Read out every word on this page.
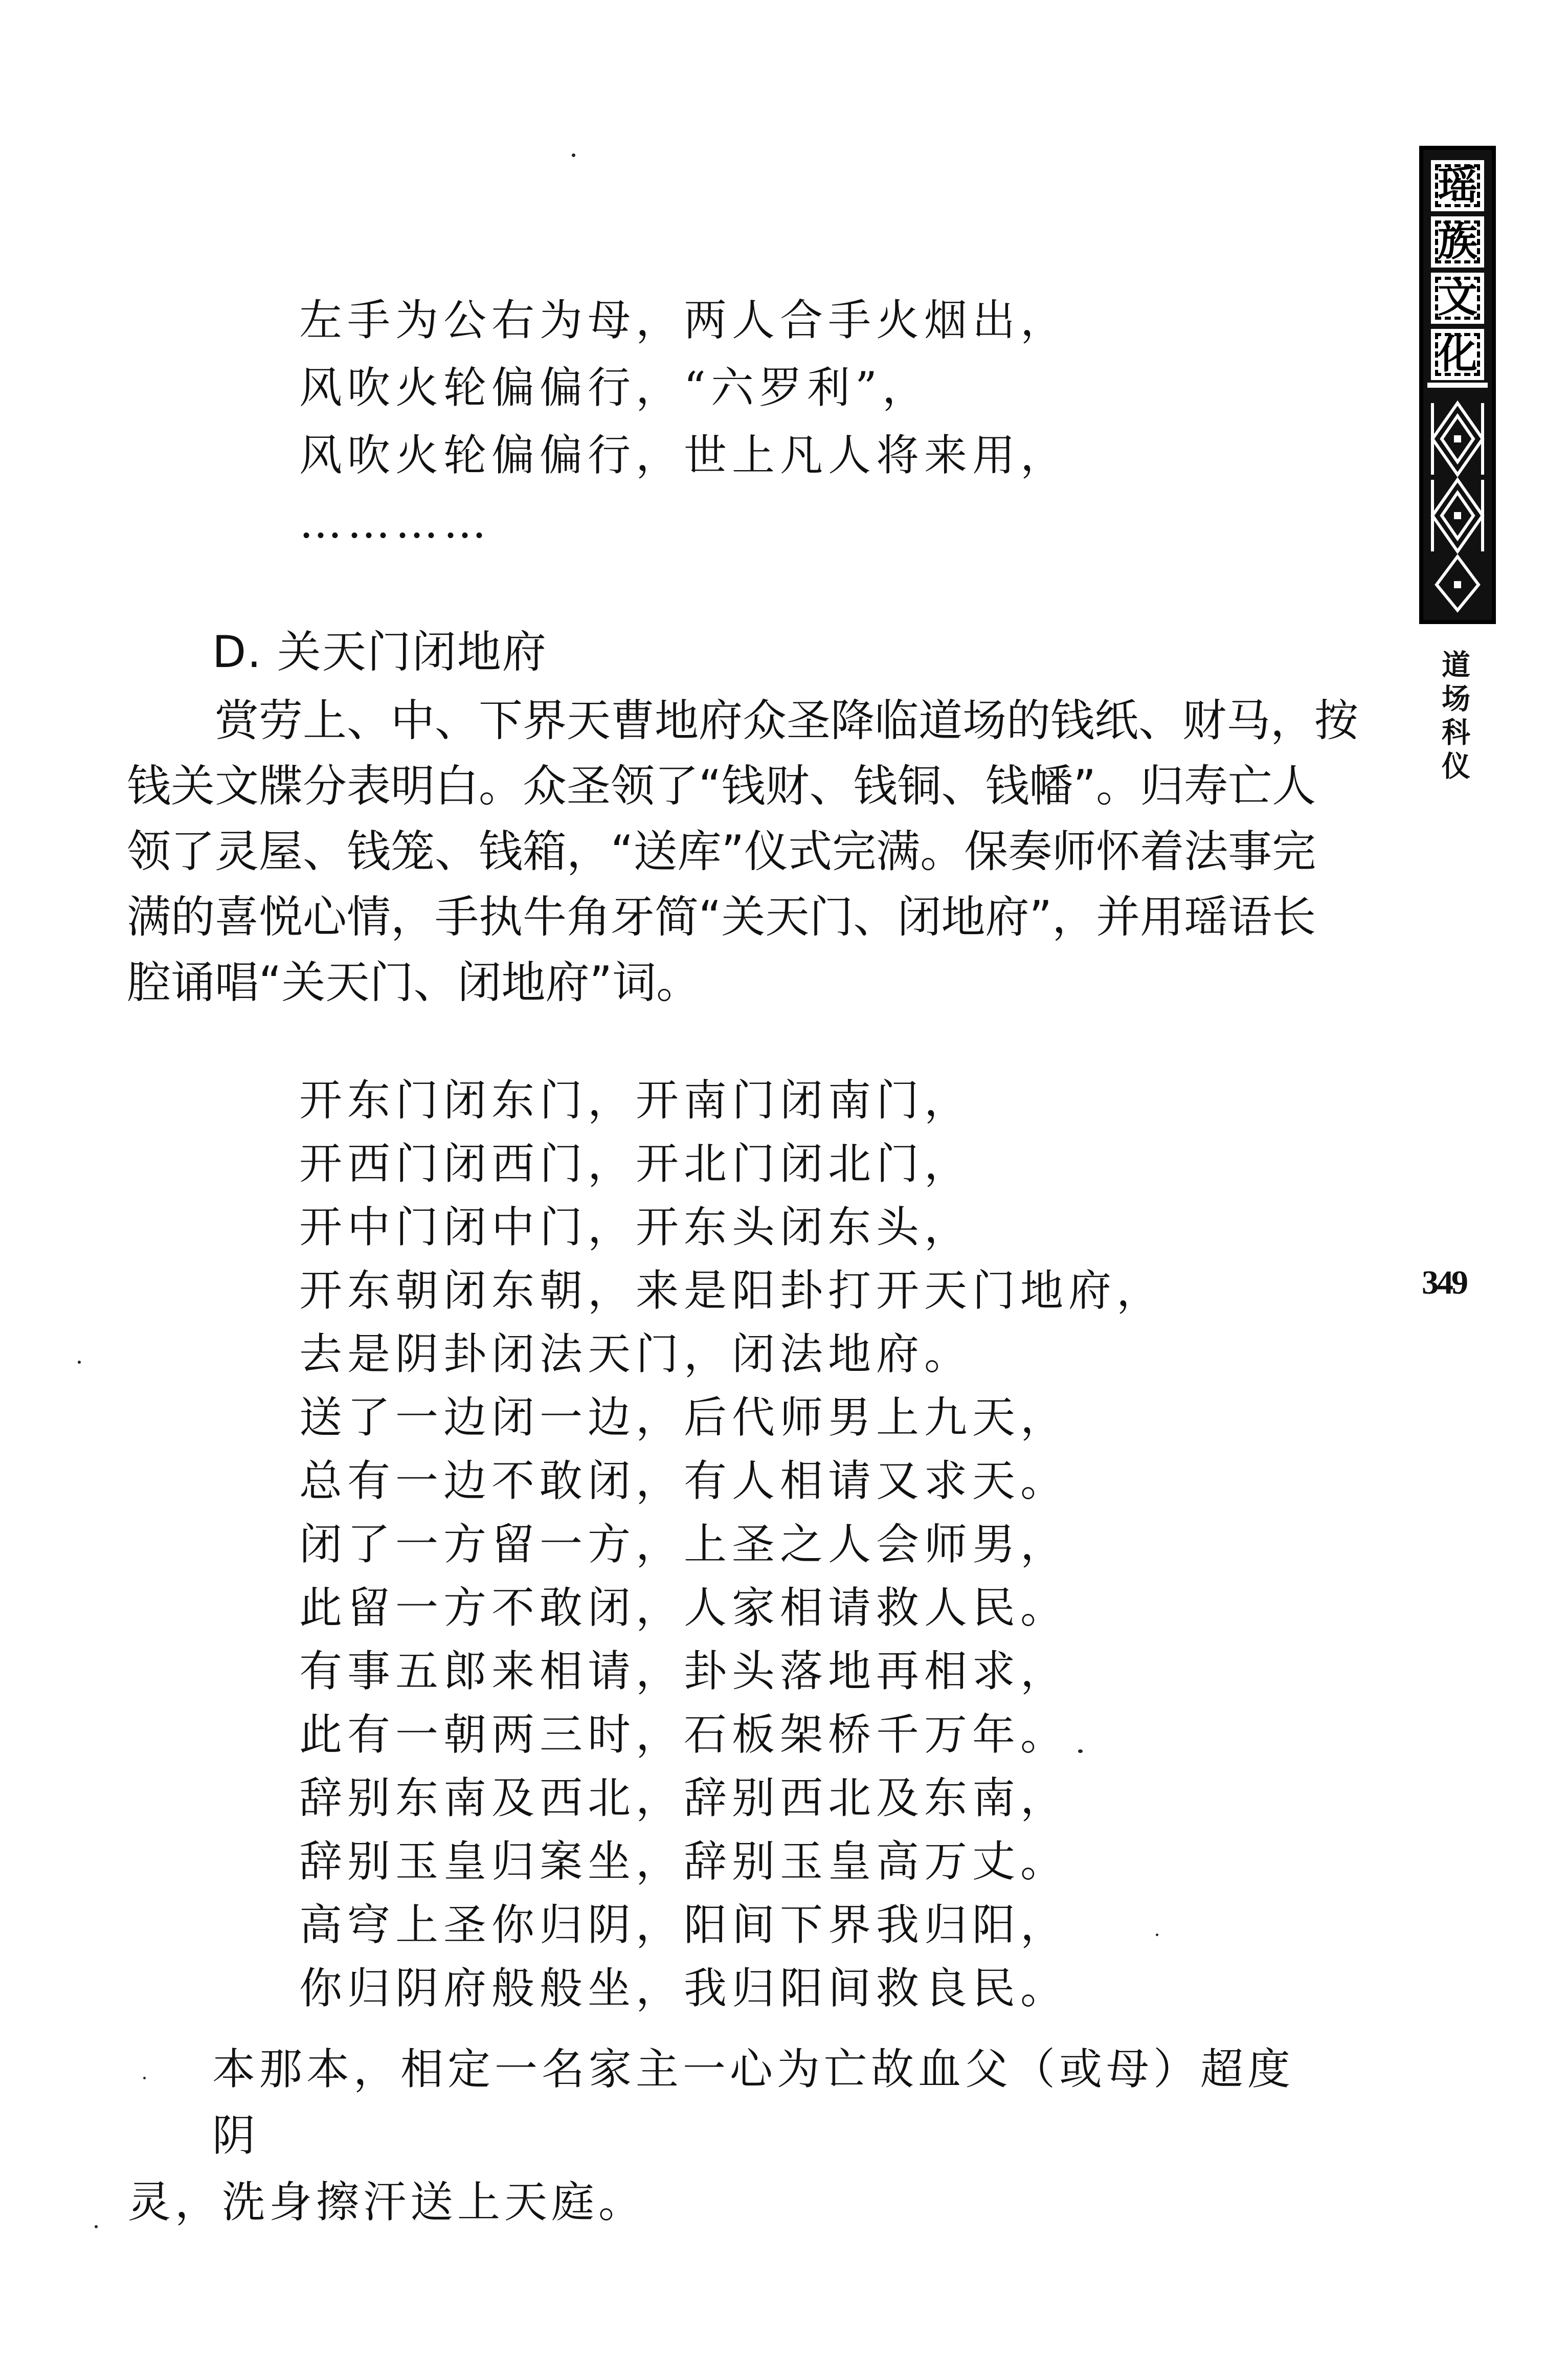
左手为公右为母，两人合手火烟出，
风吹火轮偏偏行，“六罗利”，
风吹火轮偏偏行，世上凡人将来用，
…………
D. 关天门闭地府
　　赏劳上、中、下界天曹地府众圣降临道场的钱纸、财马，按
钱关文牒分表明白。众圣领了“钱财、钱铜、钱幡”。归寿亡人
领了灵屋、钱笼、钱箱，“送库”仪式完满。保奏师怀着法事完
满的喜悦心情，手执牛角牙简“关天门、闭地府”，并用瑶语长
腔诵唱“关天门、闭地府”词。
开东门闭东门，开南门闭南门，
开西门闭西门，开北门闭北门，
开中门闭中门，开东头闭东头，
开东朝闭东朝，来是阳卦打开天门地府，
去是阴卦闭法天门，闭法地府。
送了一边闭一边，后代师男上九天，
总有一边不敢闭，有人相请又求天。
闭了一方留一方，上圣之人会师男，
此留一方不敢闭，人家相请救人民。
有事五郎来相请，卦头落地再相求，
此有一朝两三时，石板架桥千万年。
辞别东南及西北，辞别西北及东南，
辞别玉皇归案坐，辞别玉皇高万丈。
高穹上圣你归阴，阳间下界我归阳，
你归阴府般般坐，我归阳间救良民。
本那本，相定一名家主一心为亡故血父（或母）超度阴
灵，洗身擦汗送上天庭。
瑶
族
文
化
道场科仪
349
